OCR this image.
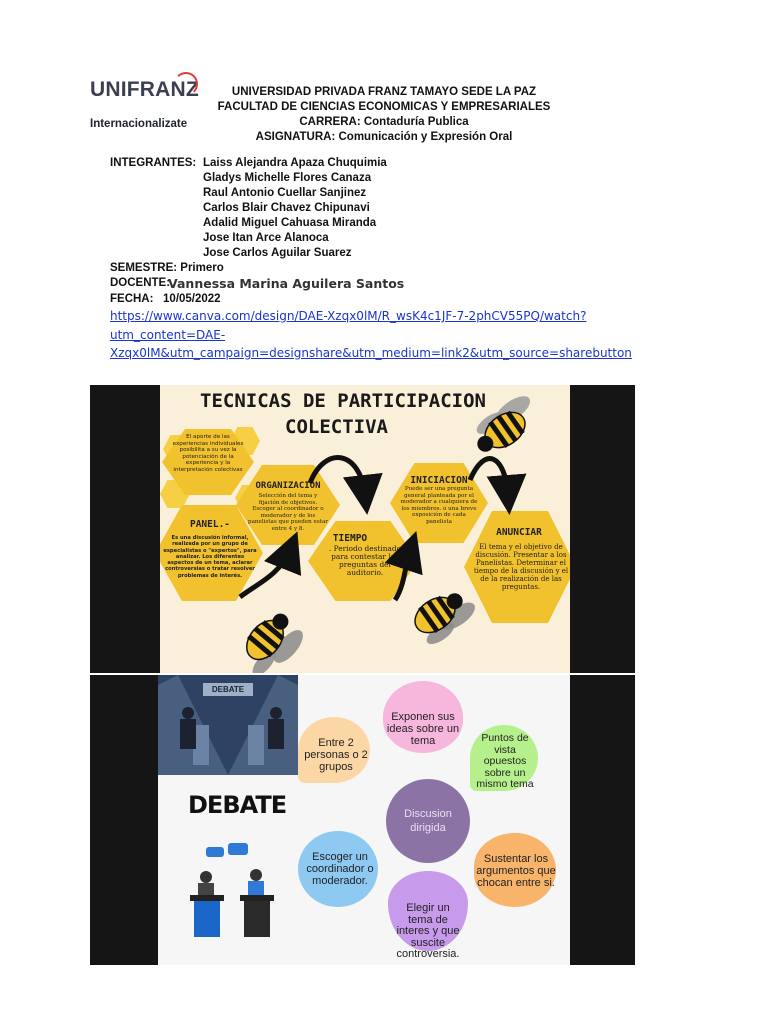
UNIFRANZ
Internacionalizate
UNIVERSIDAD PRIVADA FRANZ TAMAYO SEDE LA PAZ
FACULTAD DE CIENCIAS ECONOMICAS Y EMPRESARIALES
CARRERA: Contaduría Publica
ASIGNATURA: Comunicación y Expresión Oral
INTEGRANTES: Laiss Alejandra Apaza Chuquimia
Gladys Michelle Flores Canaza
Raul Antonio Cuellar Sanjinez
Carlos Blair Chavez Chipunavi
Adalid Miguel Cahuasa Miranda
Jose Itan Arce Alanoca
Jose Carlos Aguilar Suarez
SEMESTRE: Primero
DOCENTE:
Vannessa Marina Aguilera Santos
FECHA:   10/05/2022
https://www.canva.com/design/DAE-Xzqx0lM/R_wsK4c1JF-7-2phCV55PQ/watch?
utm_content=DAE-
Xzqx0lM&utm_campaign=designshare&utm_medium=link2&utm_source=sharebutton
TECNICAS DE PARTICIPACION
COLECTIVA
El aporte de las experiencias individuales posibilita a su vez la potenciación de la experiencia y la interpretación colectivas
PANEL.-
Es una discusión informal, realizada por un grupo de especialistas o "expertos", para analizar. Los diferentes aspectos de un tema, aclarar controversias o tratar resolver problemas de interés.
ORGANIZACION
Selección del tema y fijación de objetivos. Escoger al coordinador o moderador y de los panelistas que pueden estar entre 4 y 8.
TIEMPO
. Periodo destinado para contestar las preguntas del auditorio.
INICIACION
Puede ser una pregunta general planteada por el moderador a cualquiera de los miembros. o una breve exposición de cada panelista
ANUNCIAR
El tema y el objetivo de discusión. Presentar a los Panelistas. Determinar el tiempo de la discusión y el de la realización de las preguntas.
DEBATE
DEBATE
Entre 2 personas o 2 grupos
Exponen sus ideas sobre un tema	Puntos de vista opuestos sobre un mismo tema
Discusion dirigida
Sustentar los argumentos que chocan entre si.
Elegir un tema de interes y que suscite controversia.
Escoger un coordinador o moderador.
